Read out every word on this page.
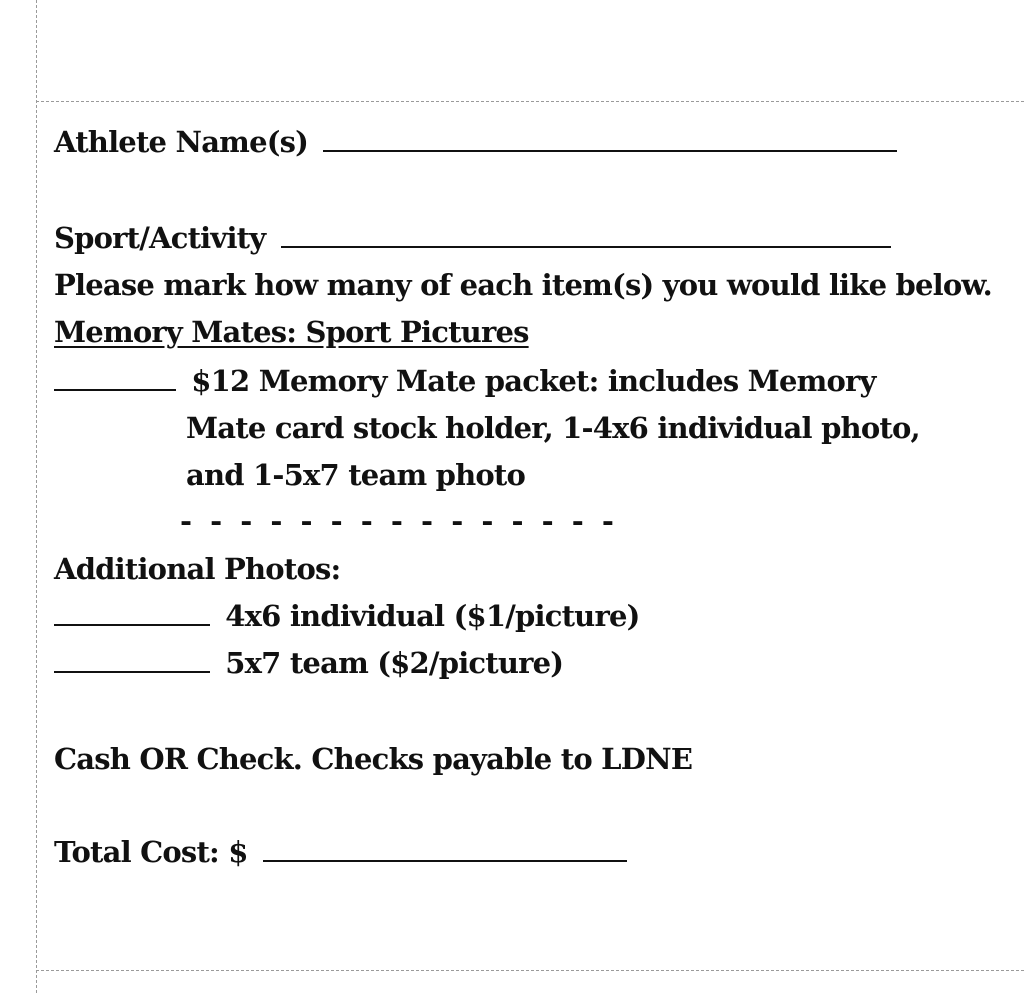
Athlete Name(s)
Sport/Activity
Please mark how many of each item(s) you would like below.
Memory Mates: Sport Pictures
$12 Memory Mate packet: includes Memory
Mate card stock holder, 1-4x6 individual photo,
and 1-5x7 team photo
- - - - - - - - - - - - - - -
Additional Photos:
4x6 individual ($1/picture)
5x7 team ($2/picture)
Cash OR Check. Checks payable to LDNE
Total Cost: $
